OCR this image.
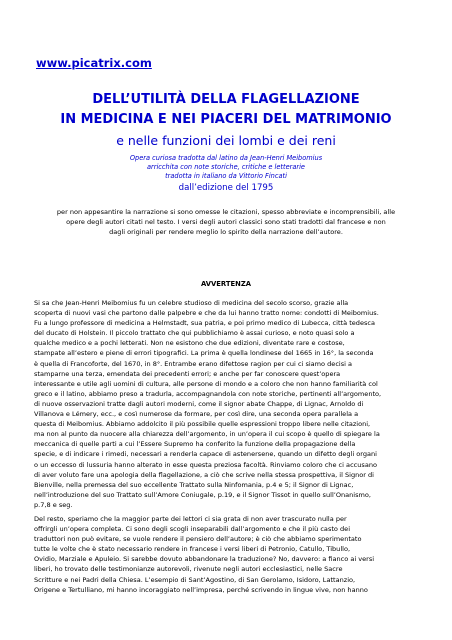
www.picatrix.com
DELL’UTILITÀ DELLA FLAGELLAZIONE
IN MEDICINA E NEI PIACERI DEL MATRIMONIO
e nelle funzioni dei lombi e dei reni
Opera curiosa tradotta dal latino da Jean-Henri Meibomius
arricchita con note storiche, critiche e letterarie
tradotta in italiano da Vittorio Fincati
dall’edizione del 1795
per non appesantire la narrazione si sono omesse le citazioni, spesso abbreviate e incomprensibili, alle
opere degli autori citati nel testo. I versi degli autori classici sono stati tradotti dal francese e non
dagli originali per rendere meglio lo spirito della narrazione dell’autore.
AVVERTENZA
Si sa che Jean-Henri Meibomius fu un celebre studioso di medicina del secolo scorso, grazie alla
scoperta di nuovi vasi che partono dalle palpebre e che da lui hanno tratto nome: condotti di Meibomius.
Fu a lungo professore di medicina a Helmstadt, sua patria, e poi primo medico di Lubecca, città tedesca
del ducato di Holstein. Il piccolo trattato che qui pubblichiamo è assai curioso, e noto quasi solo a
qualche medico e a pochi letterati. Non ne esistono che due edizioni, diventate rare e costose,
stampate all’estero e piene di errori tipografici. La prima è quella londinese del 1665 in 16°, la seconda
è quella di Francoforte, del 1670, in 8°. Entrambe erano difettose ragion per cui ci siamo decisi a
stamparne una terza, emendata dei precedenti errori; e anche per far conoscere quest’opera
interessante e utile agli uomini di cultura, alle persone di mondo e a coloro che non hanno familiarità col
greco e il latino, abbiamo preso a tradurla, accompagnandola con note storiche, pertinenti all’argomento,
di nuove osservazioni tratte dagli autori moderni, come il signor abate Chappe, di Lignac, Arnoldo di
Villanova e Lémery, ecc., e così numerose da formare, per così dire, una seconda opera parallela a
questa di Meibomius. Abbiamo addolcito il più possibile quelle espressioni troppo libere nelle citazioni,
ma non al punto da nuocere alla chiarezza dell’argomento, in un’opera il cui scopo è quello di spiegare la
meccanica di quelle parti a cui l’Essere Supremo ha conferito la funzione della propagazione della
specie, e di indicare i rimedi, necessari a renderla capace di astenersene, quando un difetto degli organi
o un eccesso di lussuria hanno alterato in esse questa preziosa facoltà. Rinviamo coloro che ci accusano
di aver voluto fare una apologia della flagellazione, a ciò che scrive nella stessa prospettiva, il Signor di
Bienville, nella premessa del suo eccellente Trattato sulla Ninfomania, p.4 e 5; il Signor di Lignac,
nell’introduzione del suo Trattato sull’Amore Coniugale, p.19, e il Signor Tissot in quello sull’Onanismo,
p.7,8 e seg.
Del resto, speriamo che la maggior parte dei lettori ci sia grata di non aver trascurato nulla per
offrirgli un’opera completa. Ci sono degli scogli inseparabili dall’argomento e che il più casto dei
traduttori non può evitare, se vuole rendere il pensiero dell’autore; è ciò che abbiamo sperimentato
tutte le volte che è stato necessario rendere in francese i versi liberi di Petronio, Catullo, Tibullo,
Ovidio, Marziale e Apuleio. Si sarebbe dovuto abbandonare la traduzione? No, davvero: a fianco ai versi
liberi, ho trovato delle testimonianze autorevoli, rivenute negli autori ecclesiastici, nelle Sacre
Scritture e nei Padri della Chiesa. L’esempio di Sant’Agostino, di San Gerolamo, Isidoro, Lattanzio,
Origene e Tertulliano, mi hanno incoraggiato nell’impresa, perché scrivendo in lingue vive, non hanno
